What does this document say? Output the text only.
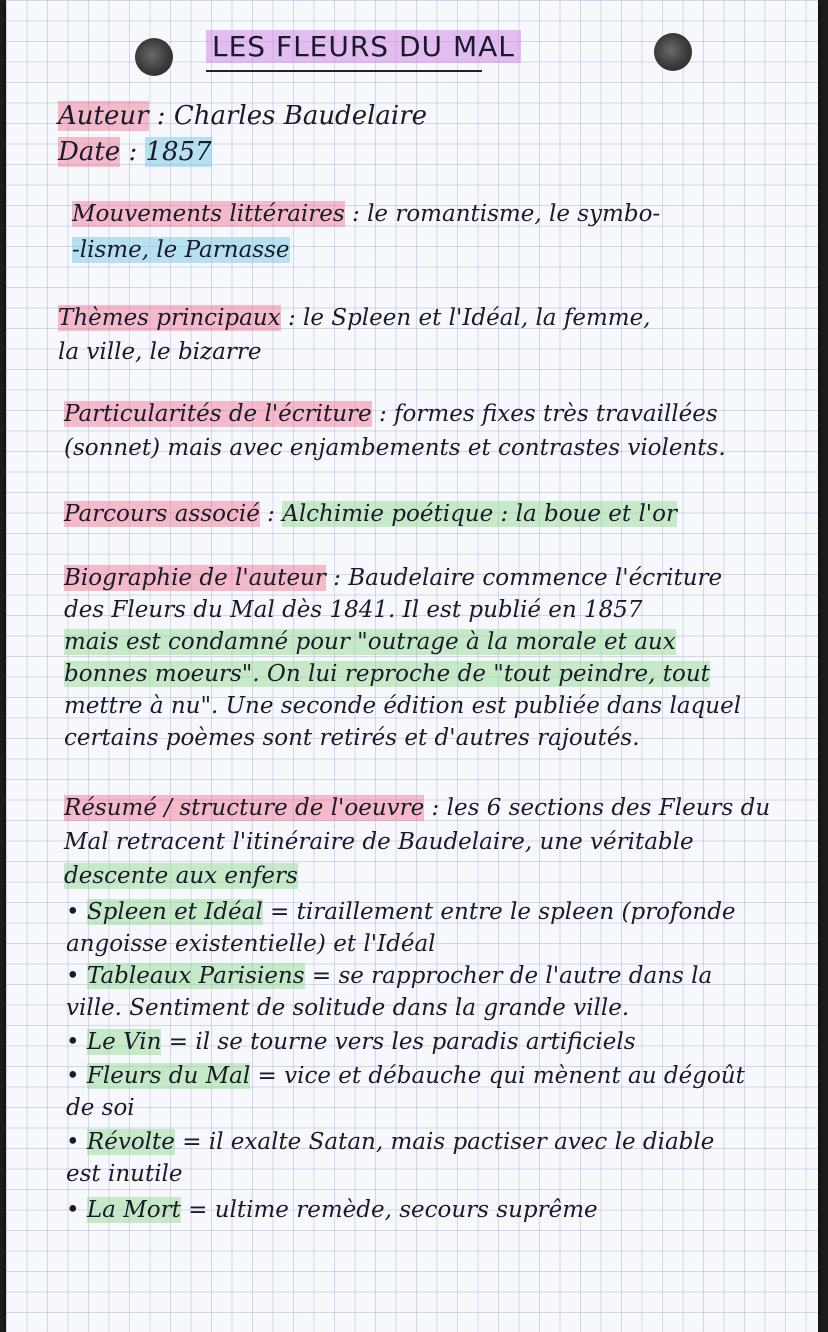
LES FLEURS DU MAL
Auteur : Charles Baudelaire
Date : 1857
Mouvements littéraires : le romantisme, le symbo-
-lisme, le Parnasse
Thèmes principaux : le Spleen et l'Idéal, la femme,
la ville, le bizarre
Particularités de l'écriture : formes fixes très travaillées
(sonnet) mais avec enjambements et contrastes violents.
Parcours associé : Alchimie poétique : la boue et l'or
Biographie de l'auteur : Baudelaire commence l'écriture
des Fleurs du Mal dès 1841. Il est publié en 1857
mais est condamné pour "outrage à la morale et aux
bonnes moeurs". On lui reproche de "tout peindre, tout
mettre à nu". Une seconde édition est publiée dans laquel
certains poèmes sont retirés et d'autres rajoutés.
Résumé / structure de l'oeuvre : les 6 sections des Fleurs du
Mal retracent l'itinéraire de Baudelaire, une véritable
descente aux enfers
• Spleen et Idéal = tiraillement entre le spleen (profonde
angoisse existentielle) et l'Idéal
• Tableaux Parisiens = se rapprocher de l'autre dans la
ville. Sentiment de solitude dans la grande ville.
• Le Vin = il se tourne vers les paradis artificiels
• Fleurs du Mal = vice et débauche qui mènent au dégoût
de soi
• Révolte = il exalte Satan, mais pactiser avec le diable
est inutile
• La Mort = ultime remède, secours suprême
